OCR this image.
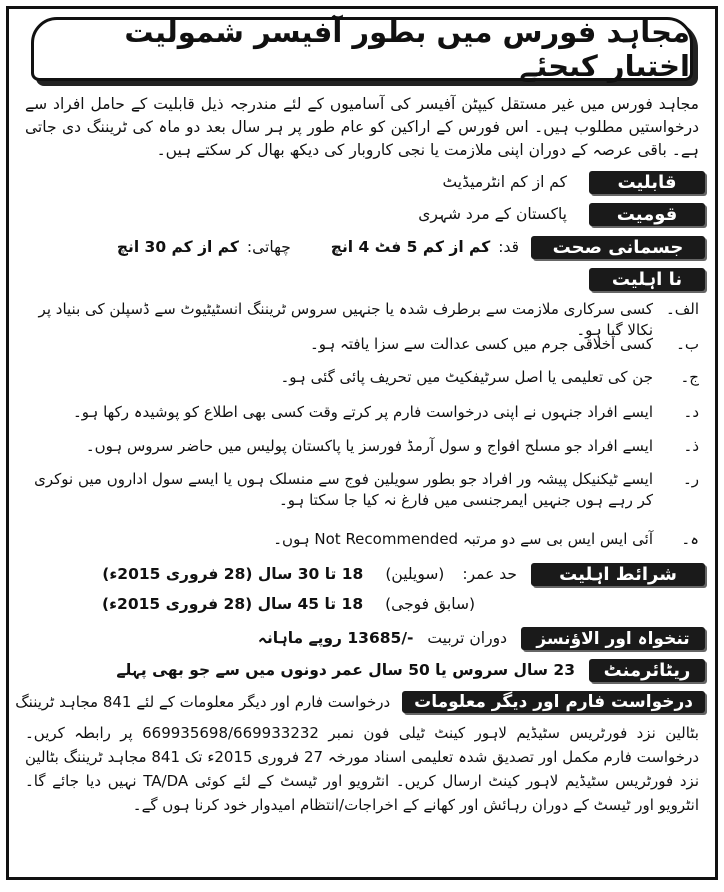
مجاہد فورس میں بطور آفیسر شمولیت اختیار کیجئے
مجاہد فورس میں غیر مستقل کیپٹن آفیسر کی آسامیوں کے لئے مندرجہ ذیل قابلیت کے حامل افراد سے درخواستیں مطلوب ہیں۔ اس فورس کے اراکین کو عام طور پر ہر سال بعد دو ماہ کی ٹریننگ دی جاتی ہے۔ باقی عرصہ کے دوران اپنی ملازمت یا نجی کاروبار کی دیکھ بھال کر سکتے ہیں۔
قابلیت
کم از کم انٹرمیڈیٹ
قومیت
پاکستان کے مرد شہری
جسمانی صحت
قد:
کم از کم 5 فٹ 4 انچ
چھاتی:
کم از کم 30 انچ
نا اہلیت
الف۔
کسی سرکاری ملازمت سے برطرف شدہ یا جنہیں سروس ٹریننگ انسٹیٹیوٹ سے ڈسپلن کی بنیاد پر نکالا گیا ہو۔
ب۔
کسی اخلاقی جرم میں کسی عدالت سے سزا یافتہ ہو۔
ج۔
جن کی تعلیمی یا اصل سرٹیفکیٹ میں تحریف پائی گئی ہو۔
د۔
ایسے افراد جنہوں نے اپنی درخواست فارم پر کرتے وقت کسی بھی اطلاع کو پوشیدہ رکھا ہو۔
ذ۔
ایسے افراد جو مسلح افواج و سول آرمڈ فورسز یا پاکستان پولیس میں حاضر سروس ہوں۔
ر۔
ایسے ٹیکنیکل پیشہ ور افراد جو بطور سویلین فوج سے منسلک ہوں یا ایسے سول اداروں میں نوکری کر رہے ہوں جنہیں ایمرجنسی میں فارغ نہ کیا جا سکتا ہو۔
ہ۔
آئی ایس ایس بی سے دو مرتبہ Not Recommended ہوں۔
شرائط اہلیت
حد عمر:
(سویلین)
18 تا 30 سال (28 فروری 2015ء)
(سابق فوجی)
18 تا 45 سال (28 فروری 2015ء)
تنخواہ اور الاؤنسز
دوران تربیت
-/13685 روپے ماہانہ
ریٹائرمنٹ
23 سال سروس یا 50 سال عمر دونوں میں سے جو بھی پہلے
درخواست فارم اور دیگر معلومات
درخواست فارم اور دیگر معلومات کے لئے 841 مجاہد ٹریننگ
بٹالین نزد فورٹریس سٹیڈیم لاہور کینٹ ٹیلی فون نمبر 669935698/669933232 پر رابطہ کریں۔ درخواست فارم مکمل اور تصدیق شدہ تعلیمی اسناد مورخہ 27 فروری 2015ء تک 841 مجاہد ٹریننگ بٹالین نزد فورٹریس سٹیڈیم لاہور کینٹ ارسال کریں۔ انٹرویو اور ٹیسٹ کے لئے کوئی TA/DA نہیں دیا جائے گا۔ انٹرویو اور ٹیسٹ کے دوران رہائش اور کھانے کے اخراجات/انتظام امیدوار خود کرنا ہوں گے۔
